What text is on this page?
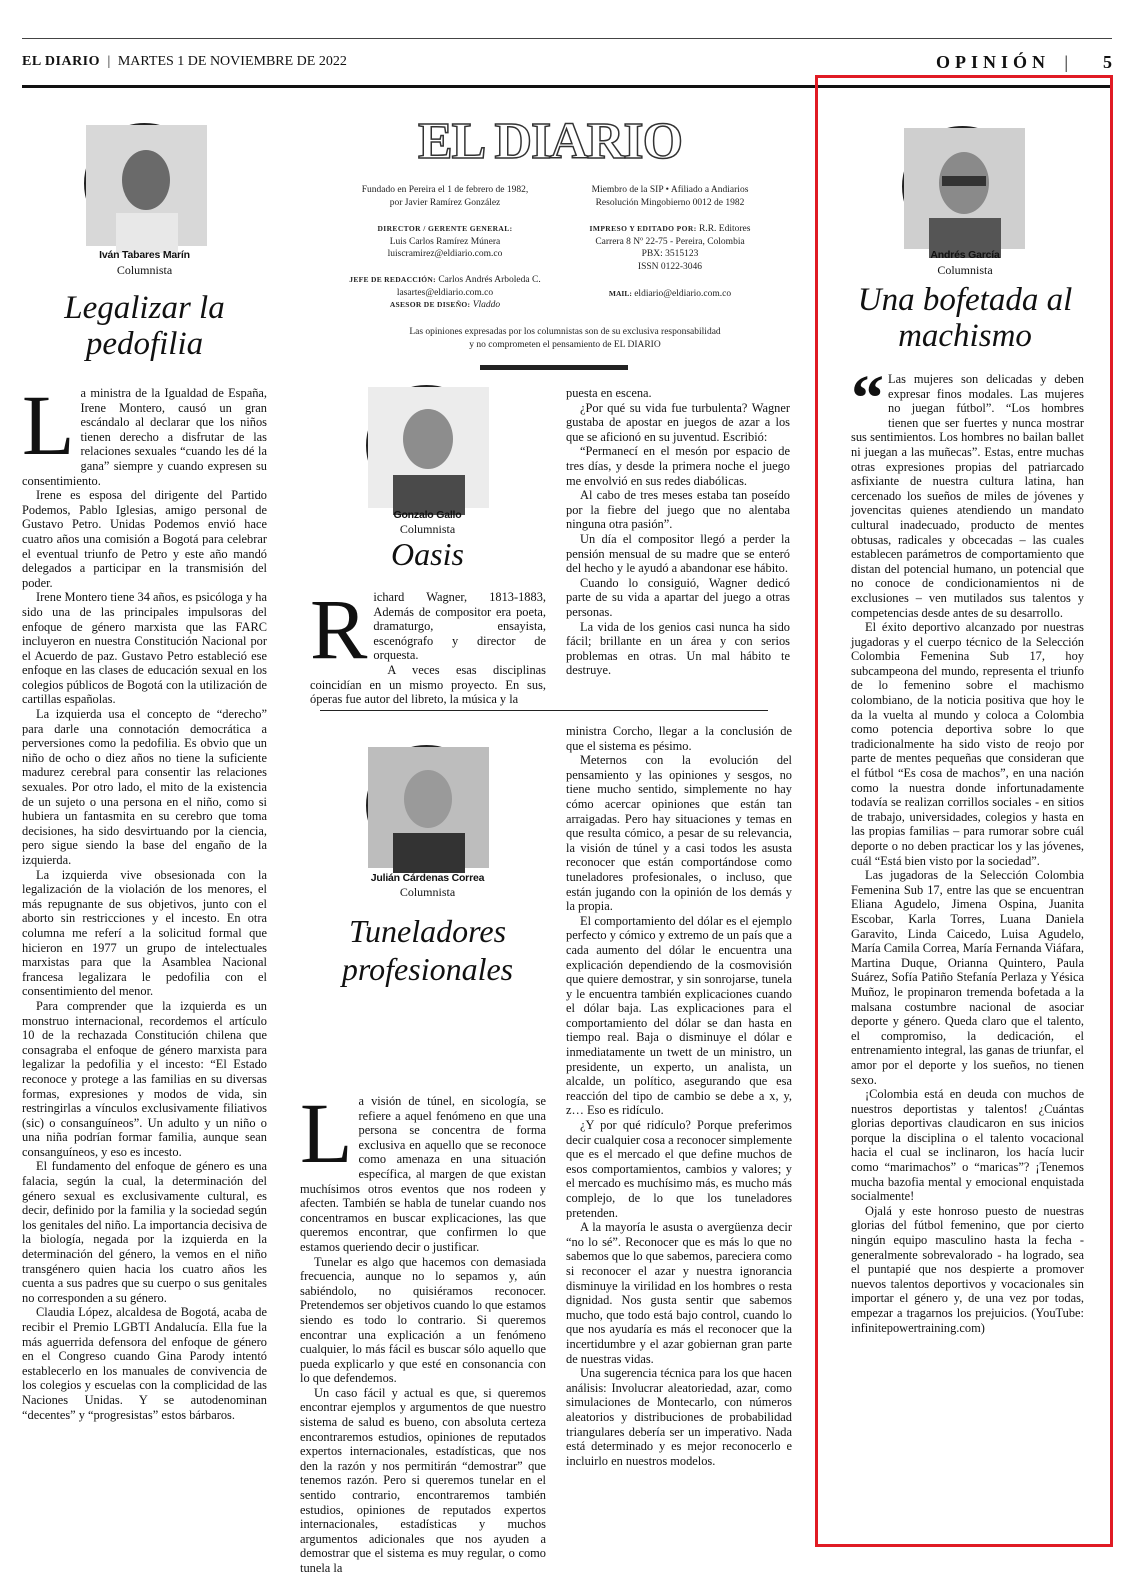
EL DIARIO | MARTES 1 DE NOVIEMBRE DE 2022	OPINIÓN | 5
Iván Tabares Marín
Columnista
Legalizar la
pedofilia
L a ministra de la Igualdad de España, Irene Montero, causó un gran escándalo al declarar que los niños tienen derecho a disfrutar de las relaciones sexuales “cuando les dé la gana” siempre y cuando expresen su consentimiento.

Irene es esposa del dirigente del Partido Podemos, Pablo Iglesias, amigo personal de Gustavo Petro. Unidas Podemos envió hace cuatro años una comisión a Bogotá para celebrar el eventual triunfo de Petro y este año mandó delegados a participar en la transmisión del poder.

Irene Montero tiene 34 años, es psicóloga y ha sido una de las principales impulsoras del enfoque de género marxista que las FARC incluyeron en nuestra Constitución Nacional por el Acuerdo de paz. Gustavo Petro estableció ese enfoque en las clases de educación sexual en los colegios públicos de Bogotá con la utilización de cartillas españolas.

La izquierda usa el concepto de “derecho” para darle una connotación democrática a perversiones como la pedofilia. Es obvio que un niño de ocho o diez años no tiene la suficiente madurez cerebral para consentir las relaciones sexuales. Por otro lado, el mito de la existencia de un sujeto o una persona en el niño, como si hubiera un fantasmita en su cerebro que toma decisiones, ha sido desvirtuando por la ciencia, pero sigue siendo la base del engaño de la izquierda.

La izquierda vive obsesionada con la legalización de la violación de los menores, el más repugnante de sus objetivos, junto con el aborto sin restricciones y el incesto. En otra columna me referí a la solicitud formal que hicieron en 1977 un grupo de intelectuales marxistas para que la Asamblea Nacional francesa legalizara le pedofilia con el consentimiento del menor.

Para comprender que la izquierda es un monstruo internacional, recordemos el artículo 10 de la rechazada Constitución chilena que consagraba el enfoque de género marxista para legalizar la pedofilia y el incesto: “El Estado reconoce y protege a las familias en su diversas formas, expresiones y modos de vida, sin restringirlas a vínculos exclusivamente filiativos (sic) o consanguíneos”. Un adulto y un niño o una niña podrían formar familia, aunque sean consanguíneos, y eso es incesto.

El fundamento del enfoque de género es una falacia, según la cual, la determinación del género sexual es exclusivamente cultural, es decir, definido por la familia y la sociedad según los genitales del niño. La importancia decisiva de la biología, negada por la izquierda en la determinación del género, la vemos en el niño transgénero quien hacia los cuatro años les cuenta a sus padres que su cuerpo o sus genitales no corresponden a su género.

Claudia López, alcaldesa de Bogotá, acaba de recibir el Premio LGBTI Andalucía. Ella fue la más aguerrida defensora del enfoque de género en el Congreso cuando Gina Parody intentó establecerlo en los manuales de convivencia de los colegios y escuelas con la complicidad de las Naciones Unidas. Y se autodenominan “decentes” y “progresistas” estos bárbaros.

EL DIARIO
Fundado en Pereira el 1 de febrero de 1982,
por Javier Ramírez González
Miembro de la SIP • Afiliado a Andiarios
Resolución Mingobierno 0012 de 1982
DIRECTOR / GERENTE GENERAL:
Luis Carlos Ramírez Múnera
luiscramirez@eldiario.com.co
IMPRESO Y EDITADO POR: R.R. Editores
Carrera 8 Nº 22-75 - Pereira, Colombia
PBX: 3515123
ISSN 0122-3046
JEFE DE REDACCIÓN: Carlos Andrés Arboleda C.
lasartes@eldiario.com.co
ASESOR DE DISEÑO: Vladdo
MAIL: eldiario@eldiario.com.co
Las opiniones expresadas por los columnistas son de su exclusiva responsabilidad
y no comprometen el pensamiento de EL DIARIO
Gonzalo Gallo
Columnista
Oasis
R ichard Wagner, 1813-1883, Además de compositor era poeta, dramaturgo, ensayista, escenógrafo y director de orquesta.

A veces esas disciplinas coincidían en un mismo proyecto. En sus, óperas fue autor del libreto, la música y la

puesta en escena.

¿Por qué su vida fue turbulenta? Wagner gustaba de apostar en juegos de azar a los que se aficionó en su juventud. Escribió:

“Permanecí en el mesón por espacio de tres días, y desde la primera noche el juego me envolvió en sus redes diabólicas.

Al cabo de tres meses estaba tan poseído por la fiebre del juego que no alentaba ninguna otra pasión”.

Un día el compositor llegó a perder la pensión mensual de su madre que se enteró del hecho y le ayudó a abandonar ese hábito.

Cuando lo consiguió, Wagner dedicó parte de su vida a apartar del juego a otras personas.

La vida de los genios casi nunca ha sido fácil; brillante en un área y con serios problemas en otras. Un mal hábito te destruye.

Julián Cárdenas Correa
Columnista
Tuneladores
profesionales
L a visión de túnel, en sicología, se refiere a aquel fenómeno en que una persona se concentra de forma exclusiva en aquello que se reconoce como amenaza en una situación específica, al margen de que existan muchísimos otros eventos que nos rodeen y afecten. También se habla de tunelar cuando nos concentramos en buscar explicaciones, las que queremos encontrar, que confirmen lo que estamos queriendo decir o justificar.

Tunelar es algo que hacemos con demasiada frecuencia, aunque no lo sepamos y, aún sabiéndolo, no quisiéramos reconocer. Pretendemos ser objetivos cuando lo que estamos siendo es todo lo contrario. Si queremos encontrar una explicación a un fenómeno cualquier, lo más fácil es buscar sólo aquello que pueda explicarlo y que esté en consonancia con lo que defendemos.

Un caso fácil y actual es que, si queremos encontrar ejemplos y argumentos de que nuestro sistema de salud es bueno, con absoluta certeza encontraremos estudios, opiniones de reputados expertos internacionales, estadísticas, que nos den la razón y nos permitirán “demostrar” que tenemos razón. Pero si queremos tunelar en el sentido contrario, encontraremos también estudios, opiniones de reputados expertos internacionales, estadísticas y muchos argumentos adicionales que nos ayuden a demostrar que el sistema es muy regular, o como tunela la

ministra Corcho, llegar a la conclusión de que el sistema es pésimo.

Meternos con la evolución del pensamiento y las opiniones y sesgos, no tiene mucho sentido, simplemente no hay cómo acercar opiniones que están tan arraigadas. Pero hay situaciones y temas en que resulta cómico, a pesar de su relevancia, la visión de túnel y a casi todos les asusta reconocer que están comportándose como tuneladores profesionales, o incluso, que están jugando con la opinión de los demás y la propia.

El comportamiento del dólar es el ejemplo perfecto y cómico y extremo de un país que a cada aumento del dólar le encuentra una explicación dependiendo de la cosmovisión que quiere demostrar, y sin sonrojarse, tunela y le encuentra también explicaciones cuando el dólar baja. Las explicaciones para el comportamiento del dólar se dan hasta en tiempo real. Baja o disminuye el dólar e inmediatamente un twett de un ministro, un presidente, un experto, un analista, un alcalde, un político, asegurando que esa reacción del tipo de cambio se debe a x, y, z… Eso es ridículo.

¿Y por qué ridículo? Porque preferimos decir cualquier cosa a reconocer simplemente que es el mercado el que define muchos de esos comportamientos, cambios y valores; y el mercado es muchísimo más, es mucho más complejo, de lo que los tuneladores pretenden.

A la mayoría le asusta o avergüenza decir “no lo sé”. Reconocer que es más lo que no sabemos que lo que sabemos, pareciera como si reconocer el azar y nuestra ignorancia disminuye la virilidad en los hombres o resta dignidad. Nos gusta sentir que sabemos mucho, que todo está bajo control, cuando lo que nos ayudaría es más el reconocer que la incertidumbre y el azar gobiernan gran parte de nuestras vidas.

Una sugerencia técnica para los que hacen análisis: Involucrar aleatoriedad, azar, como simulaciones de Montecarlo, con números aleatorios y distribuciones de probabilidad triangulares debería ser un imperativo. Nada está determinado y es mejor reconocerlo e incluirlo en nuestros modelos.

Andrés García
Columnista
Una bofetada al
machismo
“ Las mujeres son delicadas y deben expresar finos modales. Las mujeres no juegan fútbol”. “Los hombres tienen que ser fuertes y nunca mostrar sus sentimientos. Los hombres no bailan ballet ni juegan a las muñecas”. Estas, entre muchas otras expresiones propias del patriarcado asfixiante de nuestra cultura latina, han cercenado los sueños de miles de jóvenes y jovencitas quienes atendiendo un mandato cultural inadecuado, producto de mentes obtusas, radicales y obcecadas – las cuales establecen parámetros de comportamiento que distan del potencial humano, un potencial que no conoce de condicionamientos ni de exclusiones – ven mutilados sus talentos y competencias desde antes de su desarrollo.

El éxito deportivo alcanzado por nuestras jugadoras y el cuerpo técnico de la Selección Colombia Femenina Sub 17, hoy subcampeona del mundo, representa el triunfo de lo femenino sobre el machismo colombiano, de la noticia positiva que hoy le da la vuelta al mundo y coloca a Colombia como potencia deportiva sobre lo que tradicionalmente ha sido visto de reojo por parte de mentes pequeñas que consideran que el fútbol “Es cosa de machos”, en una nación como la nuestra donde infortunadamente todavía se realizan corrillos sociales - en sitios de trabajo, universidades, colegios y hasta en las propias familias – para rumorar sobre cuál deporte o no deben practicar los y las jóvenes, cuál “Está bien visto por la sociedad”.

Las jugadoras de la Selección Colombia Femenina Sub 17, entre las que se encuentran Eliana Agudelo, Jimena Ospina, Juanita Escobar, Karla Torres, Luana Daniela Garavito, Linda Caicedo, Luisa Agudelo, María Camila Correa, María Fernanda Viáfara, Martina Duque, Orianna Quintero, Paula Suárez, Sofía Patiño Stefanía Perlaza y Yésica Muñoz, le propinaron tremenda bofetada a la malsana costumbre nacional de asociar deporte y género. Queda claro que el talento, el compromiso, la dedicación, el entrenamiento integral, las ganas de triunfar, el amor por el deporte y los sueños, no tienen sexo.

¡Colombia está en deuda con muchos de nuestros deportistas y talentos! ¿Cuántas glorias deportivas claudicaron en sus inicios porque la disciplina o el talento vocacional hacia el cual se inclinaron, los hacía lucir como “marimachos” o “maricas”? ¡Tenemos mucha bazofia mental y emocional enquistada socialmente!

Ojalá y este honroso puesto de nuestras glorias del fútbol femenino, que por cierto ningún equipo masculino hasta la fecha - generalmente sobrevalorado - ha logrado, sea el puntapié que nos despierte a promover nuevos talentos deportivos y vocacionales sin importar el género y, de una vez por todas, empezar a tragarnos los prejuicios. (YouTube: infinitepowertraining.com)
